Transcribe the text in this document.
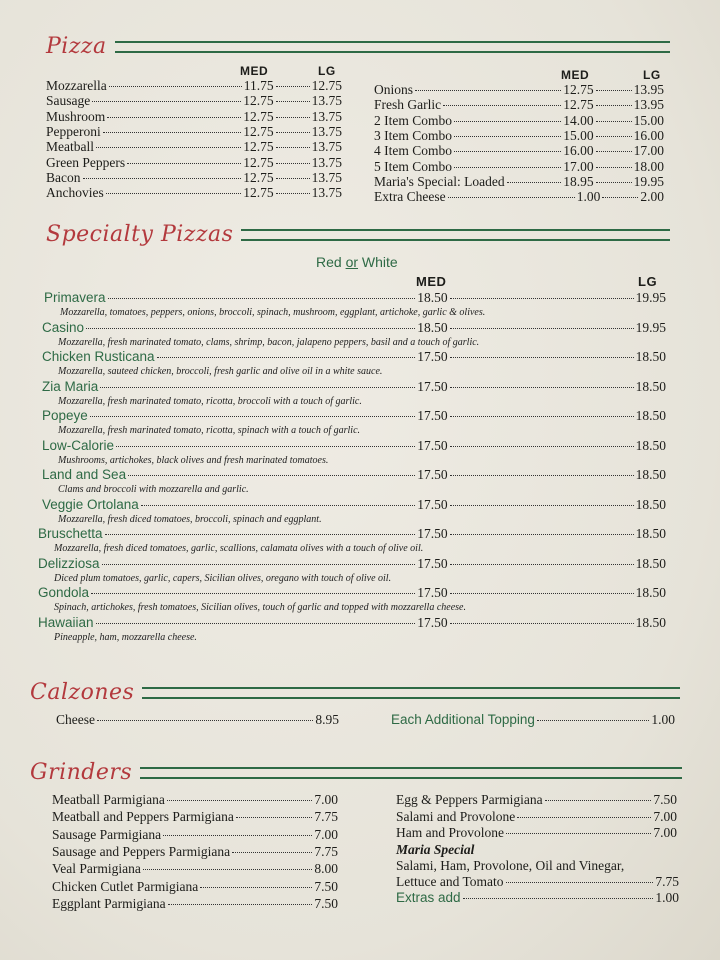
Pizza
MED	LG	MED	LG
Mozzarella	11.75	12.75
Sausage	12.75	13.75
Mushroom	12.75	13.75
Pepperoni	12.75	13.75
Meatball	12.75	13.75
Green Peppers	12.75	13.75
Bacon	12.75	13.75
Anchovies	12.75	13.75
Onions	12.75	13.95
Fresh Garlic	12.75	13.95
2 Item Combo	14.00	15.00
3 Item Combo	15.00	16.00
4 Item Combo	16.00	17.00
5 Item Combo	17.00	18.00
Maria's Special: Loaded	18.95	19.95
Extra Cheese	1.00	2.00
Specialty Pizzas
Red or White
MED	LG
Primavera	18.50	19.95
Mozzarella, tomatoes, peppers, onions, broccoli, spinach, mushroom, eggplant, artichoke, garlic & olives.
Casino	18.50	19.95
Mozzarella, fresh marinated tomato, clams, shrimp, bacon, jalapeno peppers, basil and a touch of garlic.
Chicken Rusticana	17.50	18.50
Mozzarella, sauteed chicken, broccoli, fresh garlic and olive oil in a white sauce.
Zia Maria	17.50	18.50
Mozzarella, fresh marinated tomato, ricotta, broccoli with a touch of garlic.
Popeye	17.50	18.50
Mozzarella, fresh marinated tomato, ricotta, spinach with a touch of garlic.
Low-Calorie	17.50	18.50
Mushrooms, artichokes, black olives and fresh marinated tomatoes.
Land and Sea	17.50	18.50
Clams and broccoli with mozzarella and garlic.
Veggie Ortolana	17.50	18.50
Mozzarella, fresh diced tomatoes, broccoli, spinach and eggplant.
Bruschetta	17.50	18.50
Mozzarella, fresh diced tomatoes, garlic, scallions, calamata olives with a touch of olive oil.
Delizziosa	17.50	18.50
Diced plum tomatoes, garlic, capers, Sicilian olives, oregano with touch of olive oil.
Gondola	17.50	18.50
Spinach, artichokes, fresh tomatoes, Sicilian olives, touch of garlic and topped with mozzarella cheese.
Hawaiian	17.50	18.50
Pineapple, ham, mozzarella cheese.
Calzones
Cheese	8.95	Each Additional Topping	1.00
Grinders
Meatball Parmigiana	7.00
Meatball and Peppers Parmigiana	7.75
Sausage Parmigiana	7.00
Sausage and Peppers Parmigiana	7.75
Veal Parmigiana	8.00
Chicken Cutlet Parmigiana	7.50
Eggplant Parmigiana	7.50
Egg & Peppers Parmigiana	7.50
Salami and Provolone	7.00
Ham and Provolone	7.00
Maria Special
Salami, Ham, Provolone, Oil and Vinegar,
Lettuce and Tomato	7.75
Extras add	1.00
